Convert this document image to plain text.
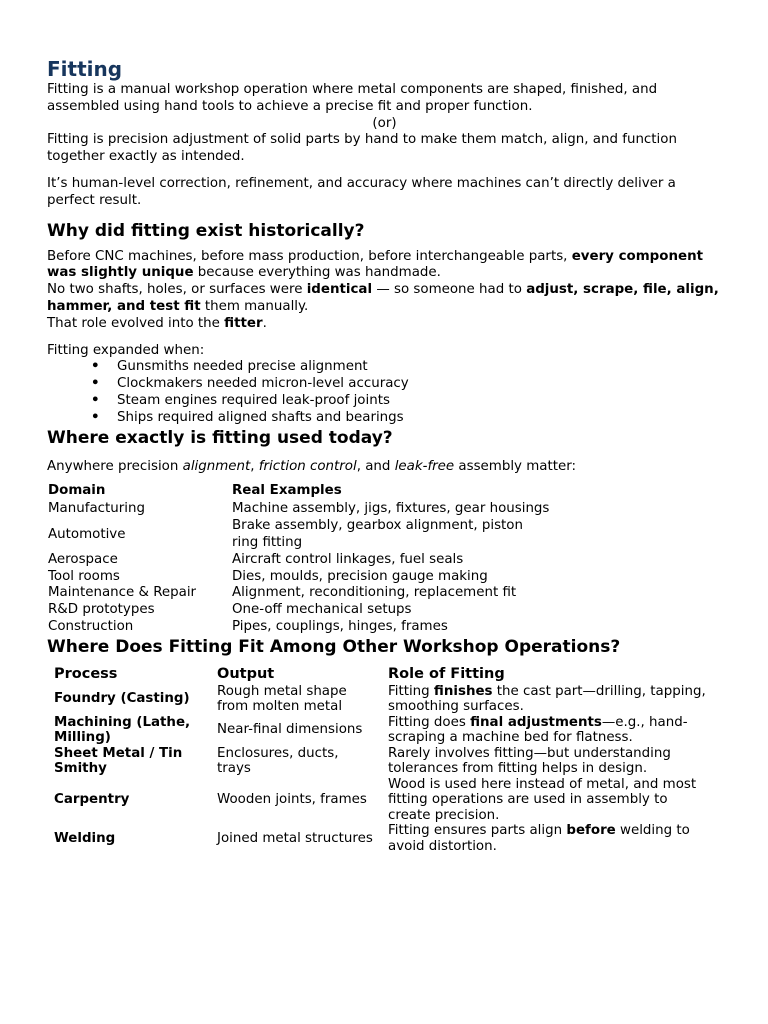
Fitting

Fitting is a manual workshop operation where metal components are shaped, finished, and assembled using hand tools to achieve a precise fit and proper function.

(or)

Fitting is precision adjustment of solid parts by hand to make them match, align, and function together exactly as intended.

It’s human-level correction, refinement, and accuracy where machines can’t directly deliver a perfect result.

Why did fitting exist historically?

Before CNC machines, before mass production, before interchangeable parts, every component was slightly unique because everything was handmade.

No two shafts, holes, or surfaces were identical — so someone had to adjust, scrape, file, align, hammer, and test fit them manually.

That role evolved into the fitter.

Fitting expanded when:

• Gunsmiths needed precise alignment
• Clockmakers needed micron-level accuracy
• Steam engines required leak-proof joints
• Ships required aligned shafts and bearings
Where exactly is fitting used today?

Anywhere precision alignment, friction control, and leak-free assembly matter:

Domain	Real Examples
Manufacturing	Machine assembly, jigs, fixtures, gear housings
Automotive	Brake assembly, gearbox alignment, piston ring fitting
Aerospace	Aircraft control linkages, fuel seals
Tool rooms	Dies, moulds, precision gauge making
Maintenance & Repair	Alignment, reconditioning, replacement fit
R&D prototypes	One-off mechanical setups
Construction	Pipes, couplings, hinges, frames
Where Does Fitting Fit Among Other Workshop Operations?
Process	Output	Role of Fitting
Foundry (Casting)	Rough metal shape from molten metal	Fitting finishes the cast part—drilling, tapping, smoothing surfaces.
Machining (Lathe, Milling)	Near-final dimensions	Fitting does final adjustments—e.g., hand-scraping a machine bed for flatness.
Sheet Metal / Tin Smithy	Enclosures, ducts, trays	Rarely involves fitting—but understanding tolerances from fitting helps in design.
Carpentry	Wooden joints, frames	Wood is used here instead of metal, and most fitting operations are used in assembly to create precision.
Welding	Joined metal structures	Fitting ensures parts align before welding to avoid distortion.
